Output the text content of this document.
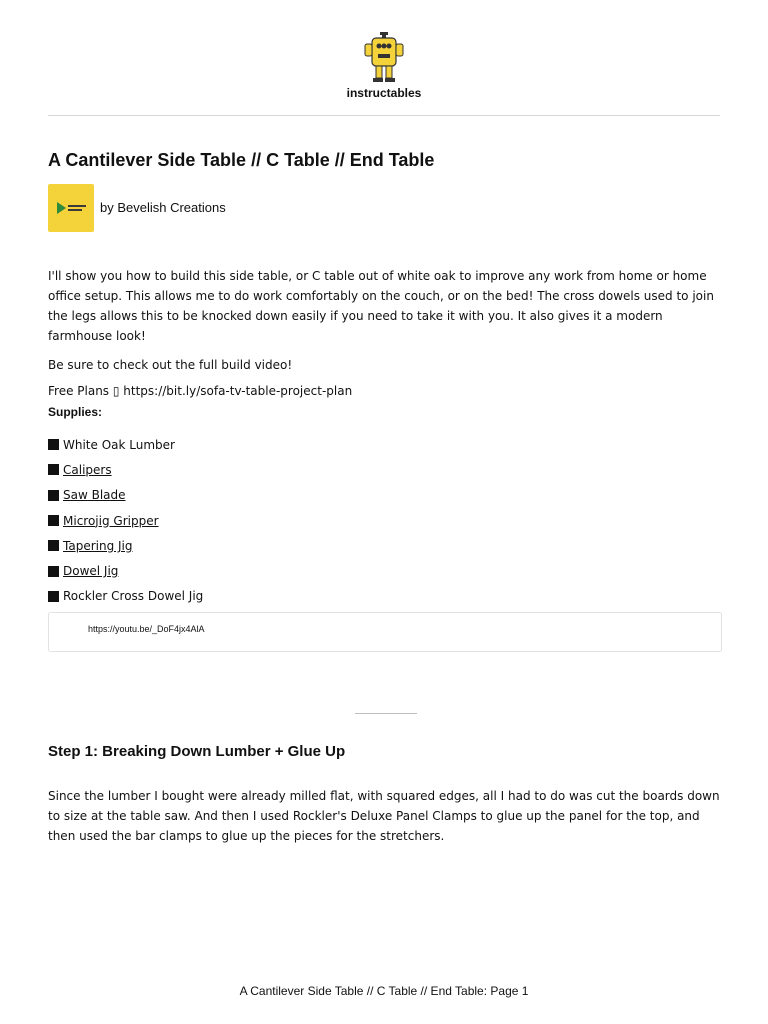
instructables
A Cantilever Side Table // C Table // End Table
by Bevelish Creations
I'll show you how to build this side table, or C table out of white oak to improve any work from home or home office setup. This allows me to do work comfortably on the couch, or on the bed! The cross dowels used to join the legs allows this to be knocked down easily if you need to take it with you. It also gives it a modern farmhouse look!
Be sure to check out the full build video!
Free Plans ▯ https://bit.ly/sofa-tv-table-project-plan
Supplies:
White Oak Lumber
Calipers
Saw Blade
Microjig Gripper
Tapering Jig
Dowel Jig
Rockler Cross Dowel Jig
https://youtu.be/_DoF4jx4AlA
Step 1: Breaking Down Lumber + Glue Up
Since the lumber I bought were already milled flat, with squared edges, all I had to do was cut the boards down to size at the table saw. And then I used Rockler's Deluxe Panel Clamps to glue up the panel for the top, and then used the bar clamps to glue up the pieces for the stretchers.
A Cantilever Side Table // C Table // End Table: Page 1
